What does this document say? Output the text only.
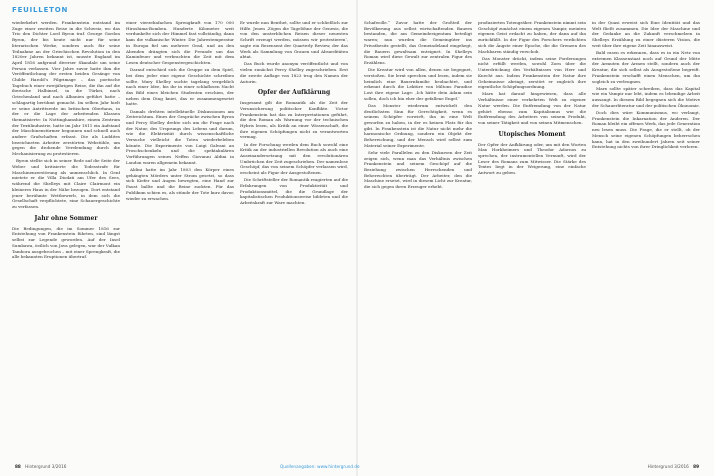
FEUILLETON

wiederkehrt werden. Frankenstein entstand im Zuge einer zweiten Reise in die Schweiz, wo das Trio den Dichter Lord Byron traf. George Gordon Byron, der bis heute nicht nur für seine literarischen Werke, sondern auch für seine Teilnahme an der Griechischen Revolution in den 1820er Jahren bekannt ist, musste England im April 1816 aufgrund diverser Skandale um seine Person verlassen. Vier Jahre zuvor hatte ihm die Veröffentlichung der ersten beiden Gesänge von Childe Harold’s Pilgrimage – das poetische Tagebuch einer zweijährigen Reise, die ihn auf die iberische Halbinsel, in die Türkei, nach Griechenland und nach Albanien geführt hatte – schlagartig berühmt gemacht. Im selben Jahr hielt er seine Antrittsrede im britischen Oberhaus, in der er die Lage der arbeitenden Klassen thematisierte: In Nottinghamshire, einem Zentrum der Textilindustrie, hatte im Jahr 1811 ein Aufstand der Maschinenstürmer begonnen und schnell auch andere Grafschaften erfasst. Die als Luddites bezeichneten Arbeiter zerstörten Webstühle, um gegen die drohende Verelendung durch die Mechanisierung zu protestieren.

Byron stellte sich in seiner Rede auf die Seite der Weber und kritisierte die Todesstrafe für Maschinenzerstörung als unmenschlich. In Genf mietete er die Villa Diodati am Ufer des Sees, während die Shelleys mit Claire Clairmont ein kleineres Haus in der Nähe bezogen. Dort entstand jener berühmte Wettbewerb, in dem sich die Gesellschaft verpflichtete, eine Schauergeschichte zu verfassen.

Jahr ohne Sommer

Die Bedingungen, die im Sommer 1816 zur Entstehung von Frankenstein führten, sind längst selbst zur Legende geworden. Auf der Insel Sumbawa, östlich von Java gelegen, war der Vulkan Tambora ausgebrochen – mit einer Sprengkraft, die alle bekannten Eruptionen übertraf.

einer vierzehnfachen Sprengkraft von 170 000 Hiroshima-Bomben. Hunderte Kilometer weit verdunkelte sich der Himmel fast vollständig, dann kam die vulkanische Winter. Die Jahrestemperatur in Europa fiel um mehrere Grad, und an den Abenden drängten sich die Freunde um das Kaminfeuer und verbrachten die Zeit mit dem Lesen deutscher Gespenstergeschichten.

Darauf entschied sich die Gruppe zu dem Spiel, bei dem jeder eine eigene Geschichte schreiben sollte. Mary Shelley suchte tagelang vergeblich nach einer Idee, bis ihr in einer schlaflosen Nacht das Bild eines bleichen Studenten erschien, der neben dem Ding kniet, das er zusammengesetzt hatte.

Damals drehten intellektuelle Diskussionen am Zeitreichtum. Eines der Gespräche zwischen Byron und Percy Shelley drehte sich um die Frage nach der Natur, des Ursprungs des Lebens und darum, wie die Elektrizität durch wissenschaftliche Versuche vielleicht die Toten wiederbeleben könnte. Die Experimente von Luigi Galvani an Froschschenkeln und die spektakulären Vorführungen seines Neffen Giovanni Aldini in London waren allgemein bekannt.

Aldini hatte im Jahr 1803 den Körper eines gehängten Mörders unter Strom gesetzt, so dass sich Kiefer und Augen bewegten, eine Hand zur Faust ballte und die Beine zuckten. Für das Publikum schien es, als stünde der Tote kurz davor, wieder zu erwachen.

Er wurde nun Benthet, sollte und er schließlich zur Hilfe. Jenen ‚Zögen die Tagelöhne der Genesis, die von den unsterblichen Reisen dieser neuesten Schrift erzeugt werden, müssen wir protestieren‘, sagte ein Rezensent der Quarterly Review, der das Werk als Sammlung von Grauen und Absurditäten abtat.

Das Buch wurde anonym veröffentlicht und von vielen zunächst Percy Shelley zugeschrieben. Erst die zweite Auflage von 1823 trug den Namen der Autorin.

Opfer der Aufklärung

Insgesamt gilt die Romantik als die Zeit der Verunsicherung politischer Konflikte. Victor Frankenstein hat das zu Interpretationen geführt, die den Roman als Warnung vor der technischen Hybris lesen, als Kritik an einer Wissenschaft, die ihre eigenen Schöpfungen nicht zu verantworten vermag.

In der Forschung werden dem Buch sowohl eine Kritik an der industriellen Revolution als auch eine Auseinandersetzung mit den revolutionären Umbrüchen der Zeit zugeschrieben. Der namenlose Geschöpf, das von seinem Schöpfer verlassen wird, erscheint als Figur der Ausgestoßenen.

Die Schriftsteller der Romantik reagierten auf die Erfahrungen von Produktivität und Produktionsmittel, die die Grundlage der kapitalistischen Produktionsweise bildeten und die Arbeitskraft zur Ware machten.

Schafwolle.“ Zuvor hatte der Großteil der Bevölkerung aus selbst wirtschaftenden Bauern bestanden, die am Gemeindeeigentum beteiligt waren; nun wurden die Gemeingüter ins Privatbesitz gestellt, das Gemeindeland eingehegt, die Bauern gewaltsam enteignet. In Shelleys Roman wird diese Gewalt zur zentralen Figur des Erzählens.

Die Kreatur wird von allen, denen sie begegnet, verstoßen. Sie lernt sprechen und lesen, indem sie heimlich eine Bauernfamilie beobachtet, und erkennt durch die Lektüre von Miltons Paradise Lost ihre eigene Lage: ‚Ich hätte dein Adam sein sollen, doch ich bin eher der gefallene Engel.‘

Das Monster wiederum entwickelt den deutlichsten Sinn für Gerechtigkeit, wenn es seinem Schöpfer vorwirft, ihn in eine Welt geworfen zu haben, in der es keinen Platz für ihn gibt. In Frankenstein ist die Natur nicht mehr die harmonische Ordnung, sondern ein Objekt der Beherrschung, und der Mensch wird selbst zum Material seiner Experimente.

Sehr viele Parallelen zu den Diskursen der Zeit zeigen sich, wenn man das Verhältnis zwischen Frankenstein und seinem Geschöpf auf die Beziehung zwischen Herrschenden und Beherrschten überträgt. Der Arbeiter, den die Maschine ersetzt, wird in diesem Licht zur Kreatur, die sich gegen ihren Erzeuger erhebt.

produzierten Totengräber. Frankenstein nimmt sein Geschöpf zunächst einem eigenen Vampir, meinten eigenen Geist erdacht zu haben, der dann auf ihn zurückfällt. In der Figur des Forschers verdichten sich die Ängste einer Epoche, die die Grenzen des Machbaren ständig verschob.

Das Monster drückt, indem seine Forderungen nicht erfüllt werden, sowohl Zorn über die Unterdrückung des Verhältnisses von Herr und Knecht aus. Indem Frankenstein der Natur ihre Geheimnisse abringt, zerstört er zugleich ihre eigentliche Schöpfungsordnung.

Marx hat darauf hingewiesen, dass alle Verhältnisse einer verkehrten Welt zu eigener Natur werden. Die Entfremdung von der Natur gehört ebenso zum Kapitalismus wie die Entfremdung des Arbeiters von seinem Produkt, von seiner Tätigkeit und von seinen Mitmenschen.

Utopisches Moment

Der Opfer der Aufklärung oder, um mit den Worten Max Horkheimers und Theodor Adornos zu sprechen, der instrumentellen Vernunft, wird der Leser des Romans zum Mitwisser. Die Stärke des Textes liegt in der Weigerung, eine einfache Antwort zu geben.

in der Quasi erweist sich Eine Identität und das Welt fließt zusammen. Die Idee der Maschine und der Gedanke an die Zukunft verschmelzen in Shelleys Erzählung zu einer düsteren Vision, die weit über ihre eigene Zeit hinausweist.

Bald rasen es erkennen, dass es in ein Netz von extremen Klassenstaat noch auf Grund der Mitte der Armuten der Armen stellt, sondern auch der Kreatur, die sich selbst als Ausgestoßene begreift. Frankenstein erschafft einen Menschen, um ihn sogleich zu verleugnen.

Marx sollte später schreiben, dass das Kapital wie ein Vampir nur lebt, indem es lebendige Arbeit aussaugt. In diesem Bild begegnen sich die Motive der Schauerliteratur und der politischen Ökonomie.

Doch dies wäre Kommunismus, wo verlangt, Frankenstein die Inkarnation der Anderen. Der Roman bleibt ein offenes Werk, das jede Generation neu lesen muss. Die Frage, die er stellt, ob der Mensch seine eigenen Schöpfungen beherrschen kann, hat in den zweihundert Jahren seit seiner Entstehung nichts von ihrer Dringlichkeit verloren.

88 Hintergrund 3/2016	Quellenangaben: www.hintergrund.de	Hintergrund 3/2016 89
